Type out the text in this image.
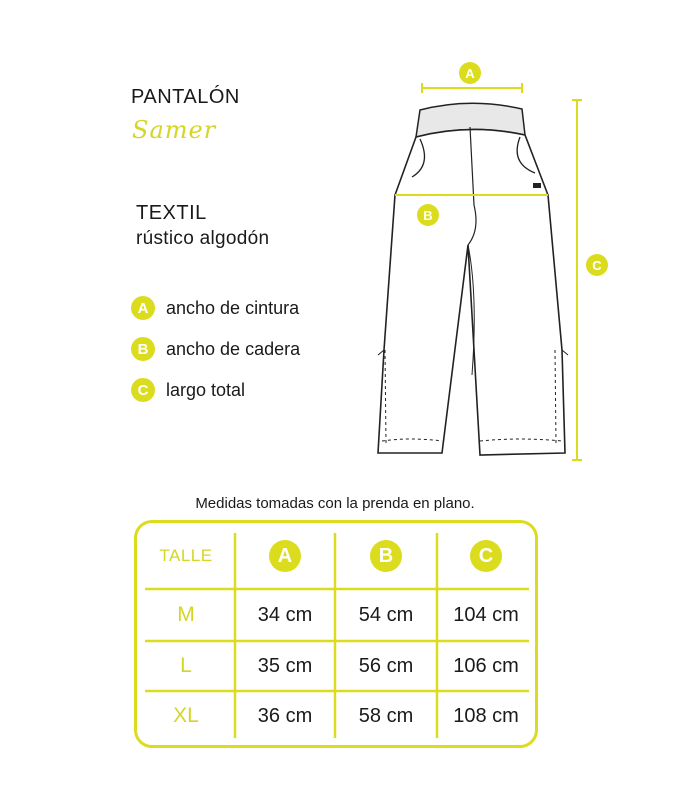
PANTALÓN
Samer
TEXTIL
rústico algodón
A ancho de cintura
B ancho de cadera
C largo total
A
B
C
Medidas tomadas con la prenda en plano.
TALLE	A	B	C
M	34 cm	54 cm	104 cm
L	35 cm	56 cm	106 cm
XL	36 cm	58 cm	108 cm
